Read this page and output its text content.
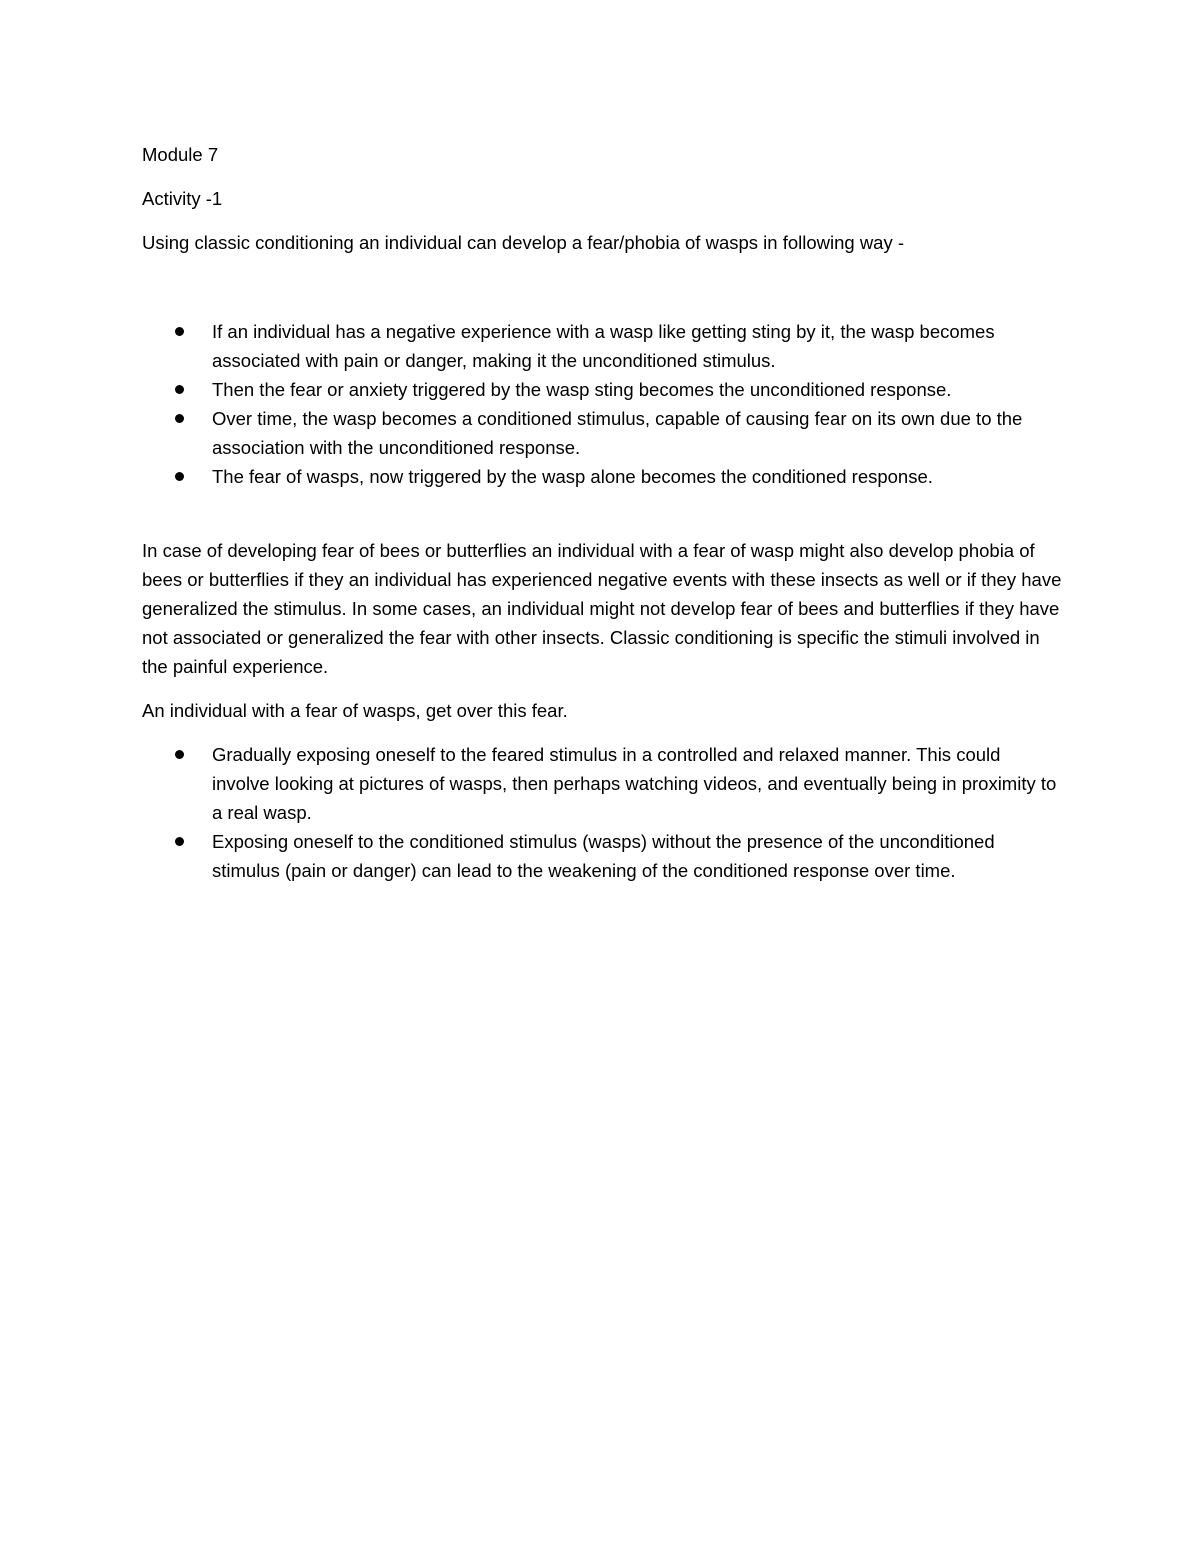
Module 7

Activity -1

Using classic conditioning an individual can develop a fear/phobia of wasps in following way -

If an individual has a negative experience with a wasp like getting sting by it, the wasp becomes associated with pain or danger, making it the unconditioned stimulus.
Then the fear or anxiety triggered by the wasp sting becomes the unconditioned response.
Over time, the wasp becomes a conditioned stimulus, capable of causing fear on its own due to the association with the unconditioned response.
The fear of wasps, now triggered by the wasp alone becomes the conditioned response.

In case of developing fear of bees or butterflies an individual with a fear of wasp might also develop phobia of bees or butterflies if they an individual has experienced negative events with these insects as well or if they have generalized the stimulus. In some cases, an individual might not develop fear of bees and butterflies if they have not associated or generalized the fear with other insects. Classic conditioning is specific the stimuli involved in the painful experience.

An individual with a fear of wasps, get over this fear.

Gradually exposing oneself to the feared stimulus in a controlled and relaxed manner. This could involve looking at pictures of wasps, then perhaps watching videos, and eventually being in proximity to a real wasp.
Exposing oneself to the conditioned stimulus (wasps) without the presence of the unconditioned stimulus (pain or danger) can lead to the weakening of the conditioned response over time.
